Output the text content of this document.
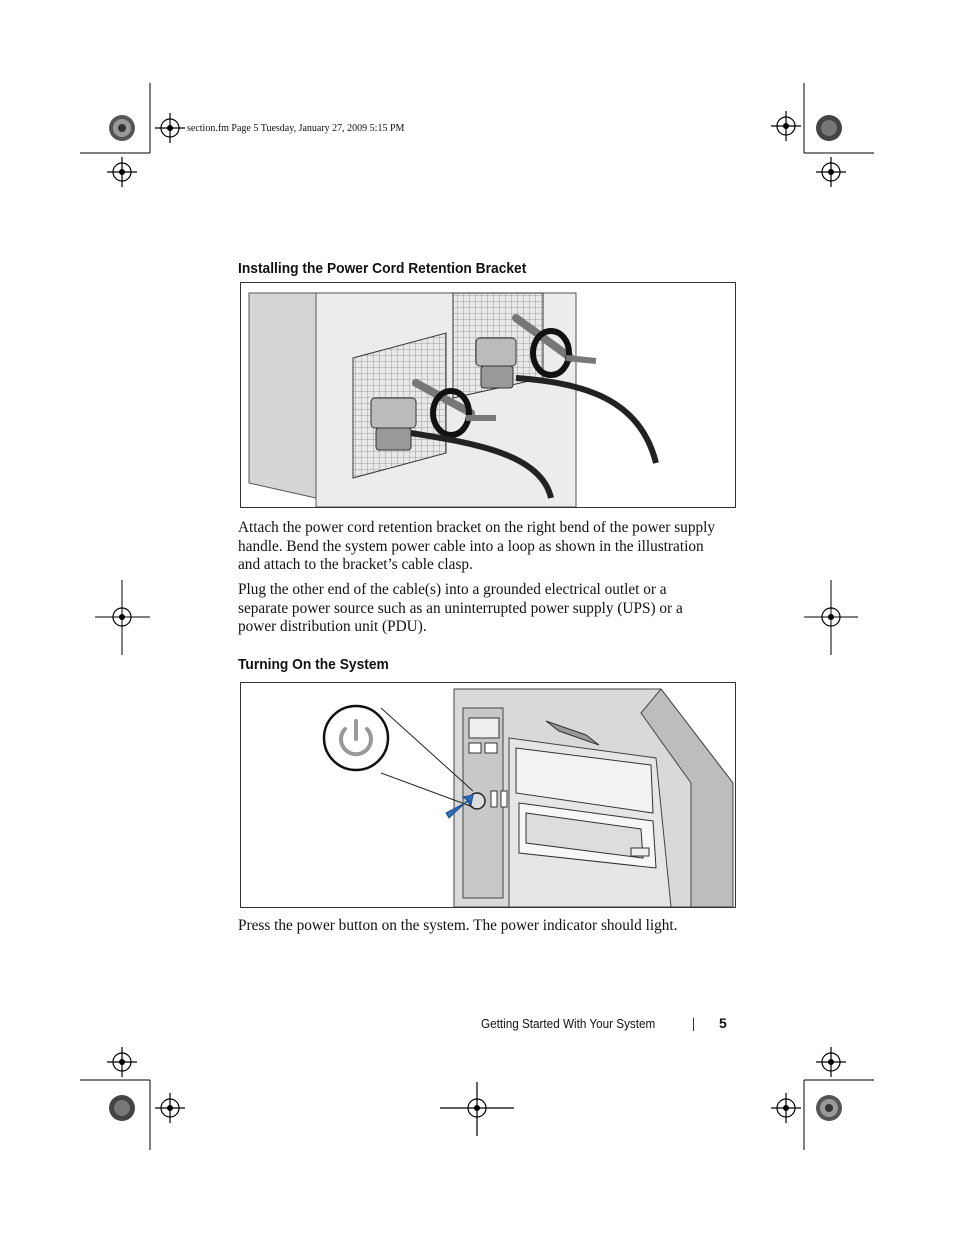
section.fm Page 5 Tuesday, January 27, 2009 5:15 PM
Installing the Power Cord Retention Bracket

Attach the power cord retention bracket on the right bend of the power supply handle. Bend the system power cable into a loop as shown in the illustration and attach to the bracket’s cable clasp.

Plug the other end of the cable(s) into a grounded electrical outlet or a separate power source such as an uninterrupted power supply (UPS) or a power distribution unit (PDU).

Turning On the System

Press the power button on the system. The power indicator should light.

Getting Started With Your System	5
